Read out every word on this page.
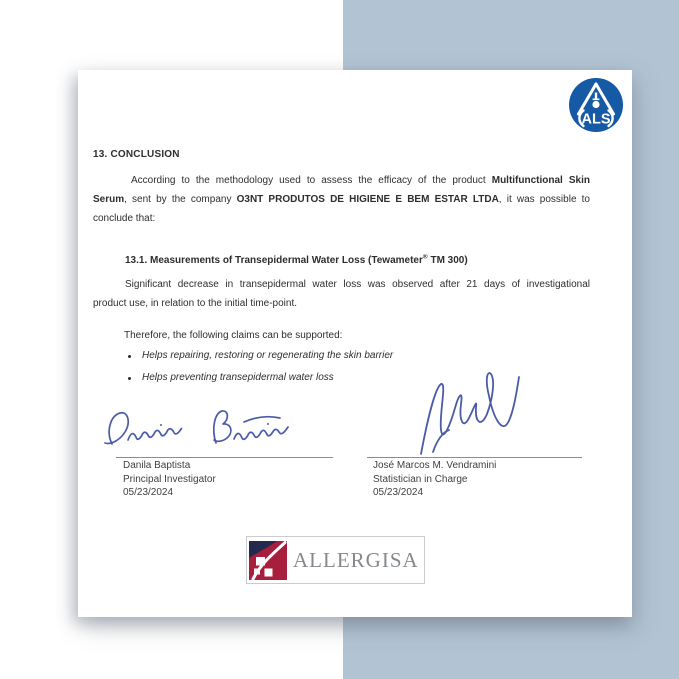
ALS
13. CONCLUSION
According to the methodology used to assess the efficacy of the product Multifunctional Skin
Serum, sent by the company O3NT PRODUTOS DE HIGIENE E BEM ESTAR LTDA, it was possible to
conclude that:
13.1. Measurements of Transepidermal Water Loss (Tewameter® TM 300)
Significant decrease in transepidermal water loss was observed after 21 days of investigational
product use, in relation to the initial time-point.
Therefore, the following claims can be supported:
Helps repairing, restoring or regenerating the skin barrier
Helps preventing transepidermal water loss
Danila Baptista
Principal Investigator
05/23/2024
José Marcos M. Vendramini
Statistician in Charge
05/23/2024
ALLERGISA
